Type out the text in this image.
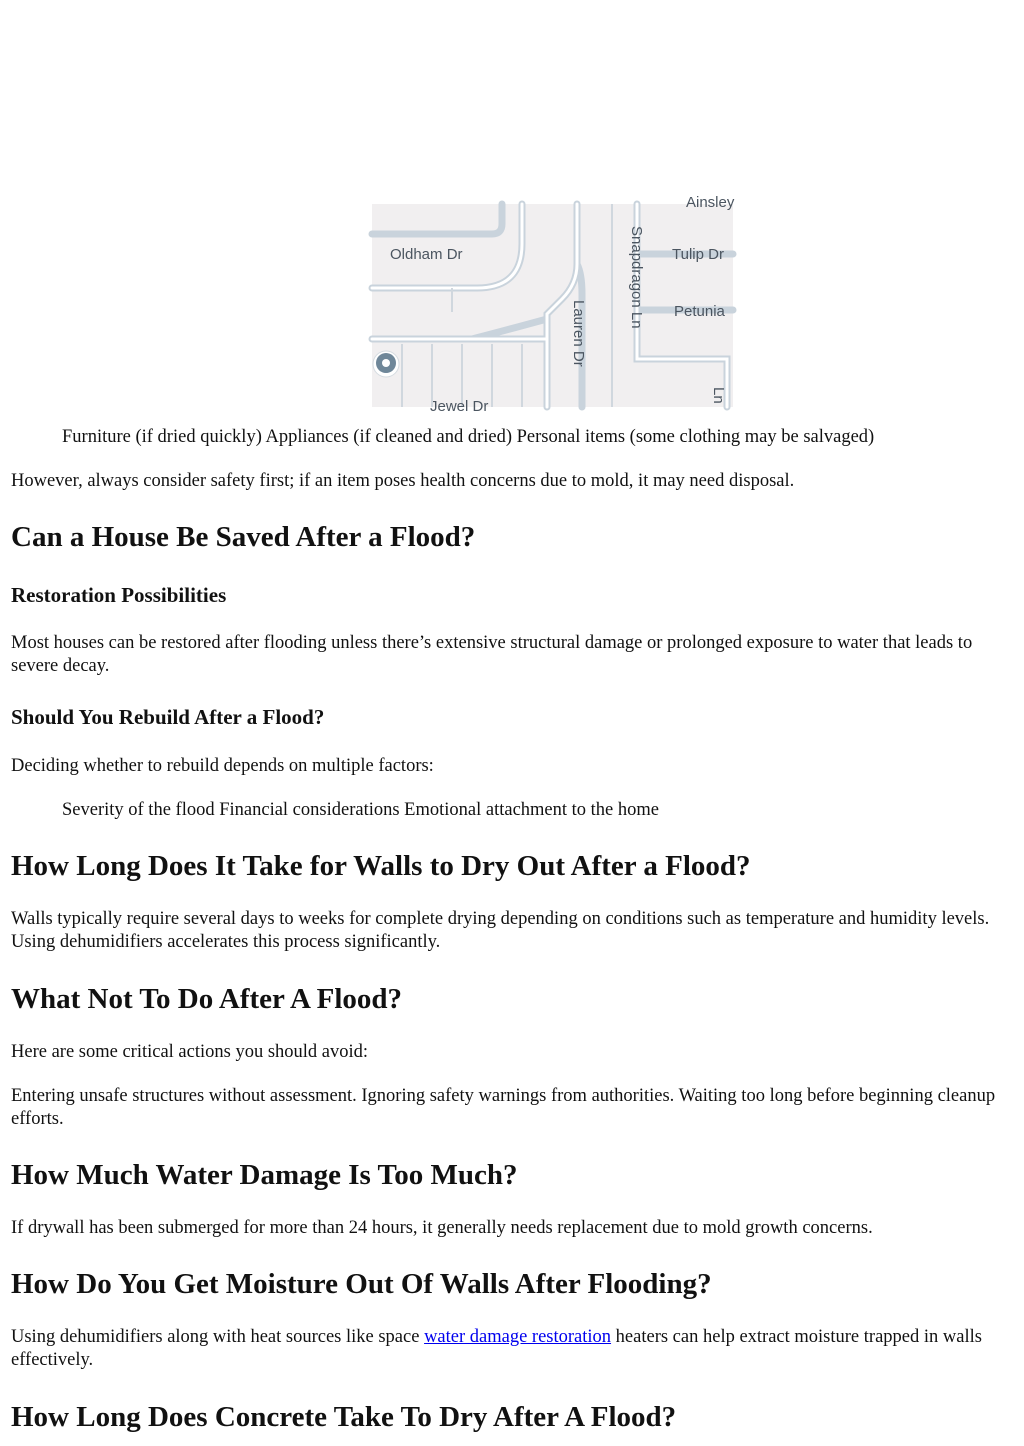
Oldham Dr	Tulip Dr
Petunia
Snapdragon Ln
Lauren Dr
Jewel Dr
Ainsley
Ln

Furniture (if dried quickly) Appliances (if cleaned and dried) Personal items (some clothing may be salvaged)

However, always consider safety first; if an item poses health concerns due to mold, it may need disposal.

Can a House Be Saved After a Flood?
Restoration Possibilities

Most houses can be restored after flooding unless there’s extensive structural damage or prolonged exposure to water that leads to severe decay.

Should You Rebuild After a Flood?

Deciding whether to rebuild depends on multiple factors:

Severity of the flood Financial considerations Emotional attachment to the home

How Long Does It Take for Walls to Dry Out After a Flood?

Walls typically require several days to weeks for complete drying depending on conditions such as temperature and humidity levels. Using dehumidifiers accelerates this process significantly.

What Not To Do After A Flood?

Here are some critical actions you should avoid:

Entering unsafe structures without assessment. Ignoring safety warnings from authorities. Waiting too long before beginning cleanup efforts.

How Much Water Damage Is Too Much?

If drywall has been submerged for more than 24 hours, it generally needs replacement due to mold growth concerns.

How Do You Get Moisture Out Of Walls After Flooding?

Using dehumidifiers along with heat sources like space water damage restoration heaters can help extract moisture trapped in walls effectively.

How Long Does Concrete Take To Dry After A Flood?
